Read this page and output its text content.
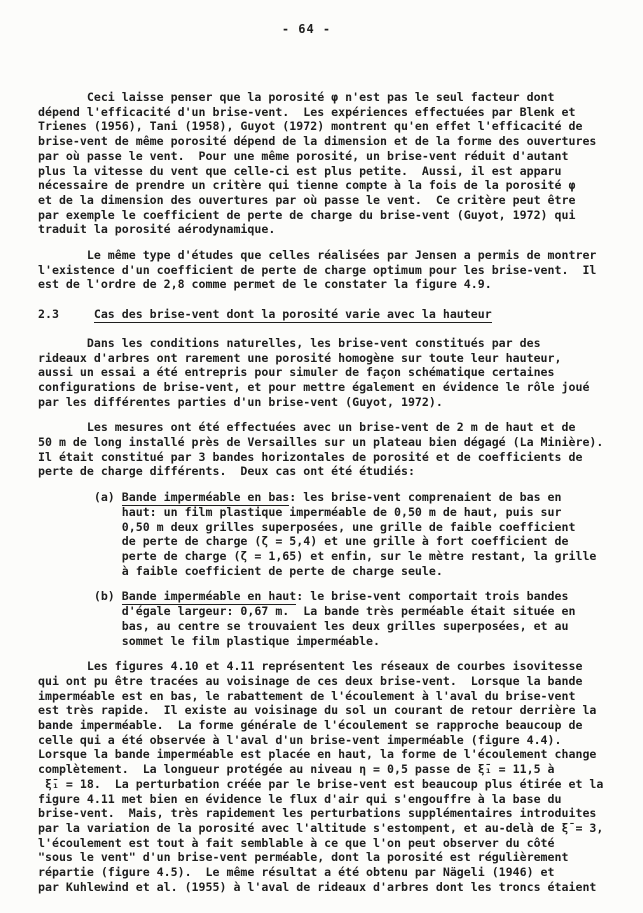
- 64 -
Ceci laisse penser que la porosité φ n'est pas le seul facteur dont
dépend l'efficacité d'un brise-vent.  Les expériences effectuées par Blenk et
Trienes (1956), Tani (1958), Guyot (1972) montrent qu'en effet l'efficacité de
brise-vent de même porosité dépend de la dimension et de la forme des ouvertures
par où passe le vent.  Pour une même porosité, un brise-vent réduit d'autant
plus la vitesse du vent que celle-ci est plus petite.  Aussi, il est apparu
nécessaire de prendre un critère qui tienne compte à la fois de la porosité φ
et de la dimension des ouvertures par où passe le vent.  Ce critère peut être
par exemple le coefficient de perte de charge du brise-vent (Guyot, 1972) qui
traduit la porosité aérodynamique.
Le même type d'études que celles réalisées par Jensen a permis de montrer
l'existence d'un coefficient de perte de charge optimum pour les brise-vent.  Il
est de l'ordre de 2,8 comme permet de le constater la figure 4.9.
2.3     Cas des brise-vent dont la porosité varie avec la hauteur
Dans les conditions naturelles, les brise-vent constitués par des
rideaux d'arbres ont rarement une porosité homogène sur toute leur hauteur,
aussi un essai a été entrepris pour simuler de façon schématique certaines
configurations de brise-vent, et pour mettre également en évidence le rôle joué
par les différentes parties d'un brise-vent (Guyot, 1972).
Les mesures ont été effectuées avec un brise-vent de 2 m de haut et de
50 m de long installé près de Versailles sur un plateau bien dégagé (La Minière).
Il était constitué par 3 bandes horizontales de porosité et de coefficients de
perte de charge différents.  Deux cas ont été étudiés:
(a) Bande imperméable en bas: les brise-vent comprenaient de bas en
haut: un film plastique imperméable de 0,50 m de haut, puis sur
0,50 m deux grilles superposées, une grille de faible coefficient
de perte de charge (ζ = 5,4) et une grille à fort coefficient de
perte de charge (ζ = 1,65) et enfin, sur le mètre restant, la grille
à faible coefficient de perte de charge seule.
(b) Bande imperméable en haut: le brise-vent comportait trois bandes
d'égale largeur: 0,67 m.  La bande très perméable était située en
bas, au centre se trouvaient les deux grilles superposées, et au
sommet le film plastique imperméable.
Les figures 4.10 et 4.11 représentent les réseaux de courbes isovitesse
qui ont pu être tracées au voisinage de ces deux brise-vent.  Lorsque la bande
imperméable est en bas, le rabattement de l'écoulement à l'aval du brise-vent
est très rapide.  Il existe au voisinage du sol un courant de retour derrière la
bande imperméable.  La forme générale de l'écoulement se rapproche beaucoup de
celle qui a été observée à l'aval d'un brise-vent imperméable (figure 4.4).
Lorsque la bande imperméable est placée en haut, la forme de l'écoulement change
complètement.  La longueur protégée au niveau η = 0,5 passe de ξ̄₁ = 11,5 à
ξ̄₁ = 18.  La perturbation créée par le brise-vent est beaucoup plus étirée et la
figure 4.11 met bien en évidence le flux d'air qui s'engouffre à la base du
brise-vent.  Mais, très rapidement les perturbations supplémentaires introduites
par la variation de la porosité avec l'altitude s'estompent, et au-delà de ξ̄ = 3,
l'écoulement est tout à fait semblable à ce que l'on peut observer du côté
"sous le vent" d'un brise-vent perméable, dont la porosité est régulièrement
répartie (figure 4.5).  Le même résultat a été obtenu par Nägeli (1946) et
par Kuhlewind et al. (1955) à l'aval de rideaux d'arbres dont les troncs étaient
